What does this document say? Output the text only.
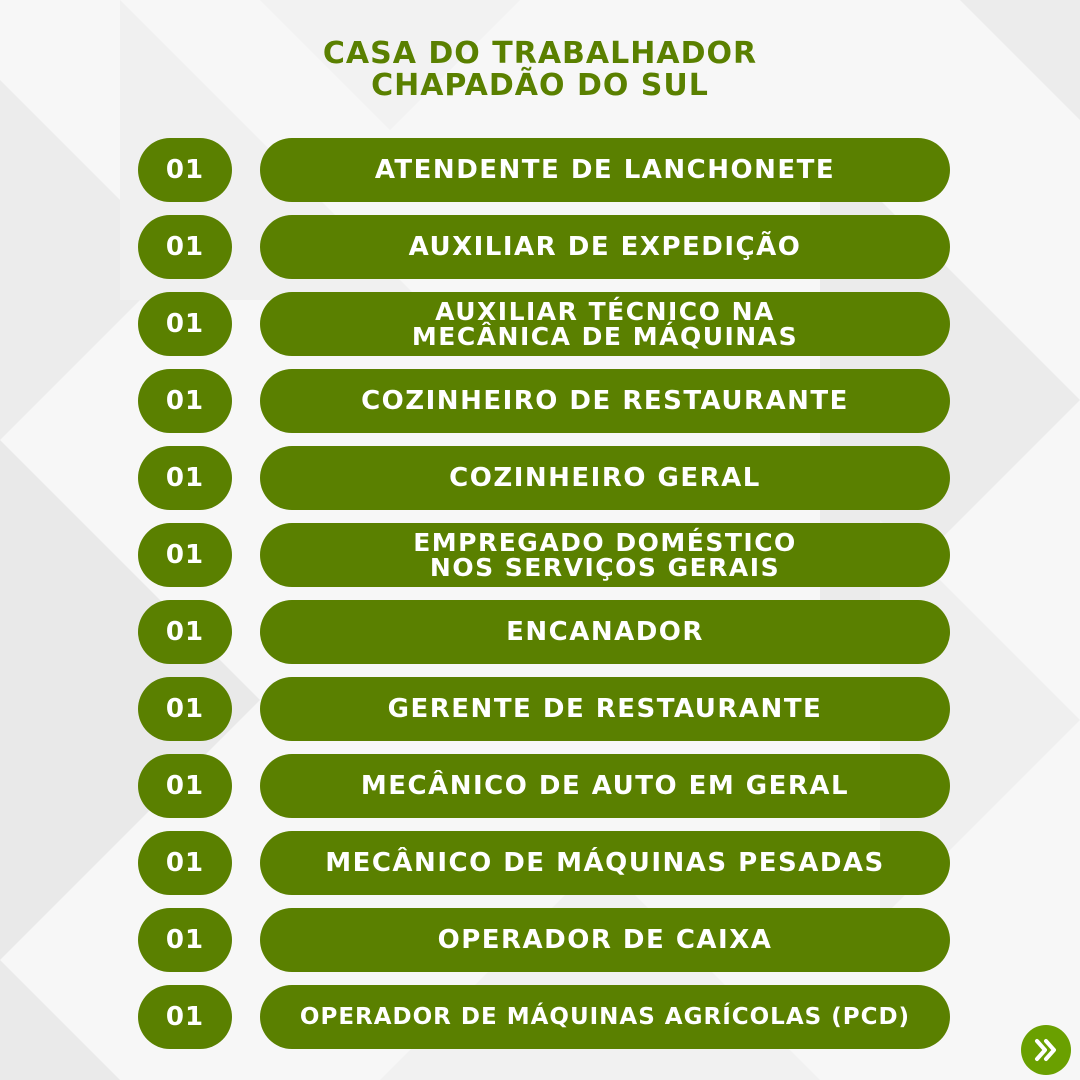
CASA DO TRABALHADOR
CHAPADÃO DO SUL
01	ATENDENTE DE LANCHONETE
01	AUXILIAR DE EXPEDIÇÃO
01	AUXILIAR TÉCNICO NA
MECÂNICA DE MÁQUINAS
01	COZINHEIRO DE RESTAURANTE
01	COZINHEIRO GERAL
01	EMPREGADO DOMÉSTICO
NOS SERVIÇOS GERAIS
01	ENCANADOR
01	GERENTE DE RESTAURANTE
01	MECÂNICO DE AUTO EM GERAL
01	MECÂNICO DE MÁQUINAS PESADAS
01	OPERADOR DE CAIXA
01	OPERADOR DE MÁQUINAS AGRÍCOLAS (PCD)
